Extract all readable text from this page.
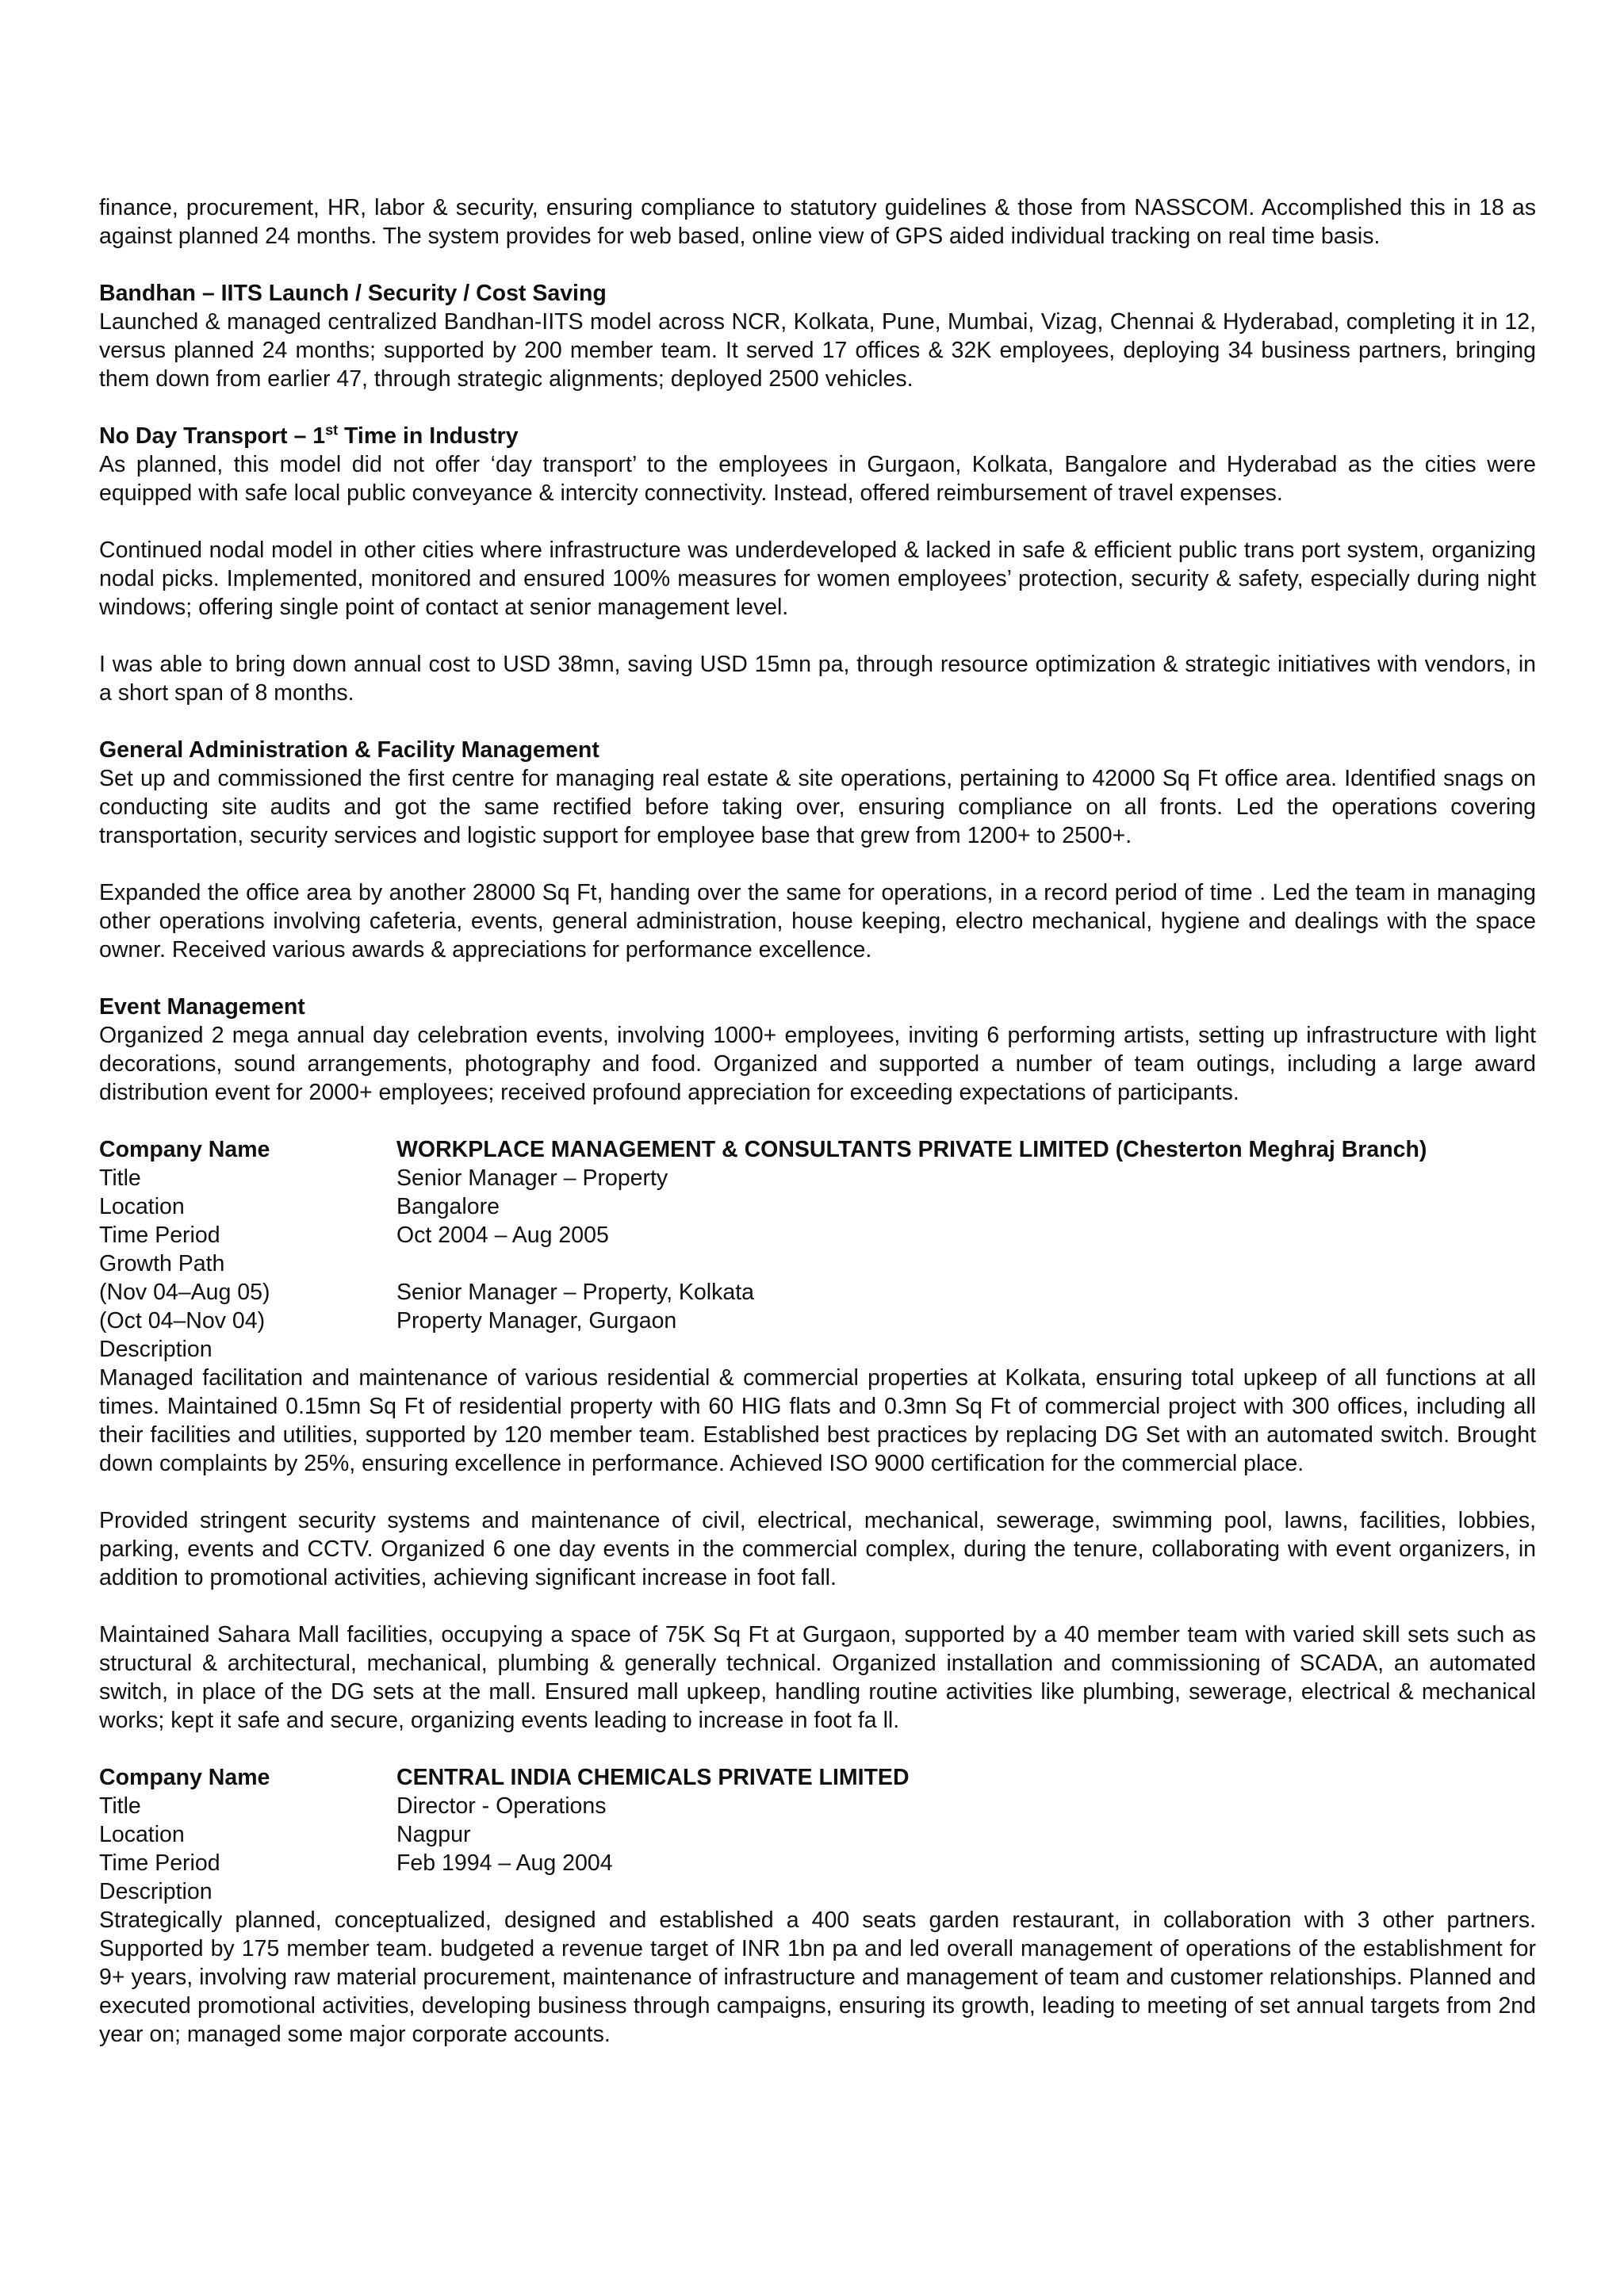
finance, procurement, HR, labor & security, ensuring compliance to statutory guidelines & those from NASSCOM. Accomplished this in 18 as against planned 24 months. The system provides for web based, online view of GPS aided individual tracking on real time basis.

Bandhan – IITS Launch / Security / Cost Saving
Launched & managed centralized Bandhan-IITS model across NCR, Kolkata, Pune, Mumbai, Vizag, Chennai & Hyderabad, completing it in 12, versus planned 24 months; supported by 200 member team. It served 17 offices & 32K employees, deploying 34 business partners, bringing them down from earlier 47, through strategic alignments; deployed 2500 vehicles.
No Day Transport – 1st Time in Industry
As planned, this model did not offer ‘day transport’ to the employees in Gurgaon, Kolkata, Bangalore and Hyderabad as the cities were equipped with safe local public conveyance & intercity connectivity. Instead, offered reimbursement of travel expenses.

Continued nodal model in other cities where infrastructure was underdeveloped & lacked in safe & efficient public trans port system, organizing nodal picks. Implemented, monitored and ensured 100% measures for women employees’ protection, security & safety, especially during night windows; offering single point of contact at senior management level.

I was able to bring down annual cost to USD 38mn, saving USD 15mn pa, through resource optimization & strategic initiatives with vendors, in a short span of 8 months.

General Administration & Facility Management
Set up and commissioned the first centre for managing real estate & site operations, pertaining to 42000 Sq Ft office area. Identified snags on conducting site audits and got the same rectified before taking over, ensuring compliance on all fronts. Led the operations covering transportation, security services and logistic support for employee base that grew from 1200+ to 2500+.

Expanded the office area by another 28000 Sq Ft, handing over the same for operations, in a record period of time . Led the team in managing other operations involving cafeteria, events, general administration, house keeping, electro mechanical, hygiene and dealings with the space owner. Received various awards & appreciations for performance excellence.

Event Management
Organized 2 mega annual day celebration events, involving 1000+ employees, inviting 6 performing artists, setting up infrastructure with light decorations, sound arrangements, photography and food. Organized and supported a number of team outings, including a large award distribution event for 2000+ employees; received profound appreciation for exceeding expectations of participants.
Company Name	WORKPLACE MANAGEMENT & CONSULTANTS PRIVATE LIMITED (Chesterton Meghraj Branch)
Title	Senior Manager – Property
Location	Bangalore
Time Period	Oct 2004 – Aug 2005
Growth Path
(Nov 04–Aug 05)	Senior Manager – Property, Kolkata
(Oct 04–Nov 04)	Property Manager, Gurgaon
Description

Managed facilitation and maintenance of various residential & commercial properties at Kolkata, ensuring total upkeep of all functions at all times. Maintained 0.15mn Sq Ft of residential property with 60 HIG flats and 0.3mn Sq Ft of commercial project with 300 offices, including all their facilities and utilities, supported by 120 member team. Established best practices by replacing DG Set with an automated switch. Brought down complaints by 25%, ensuring excellence in performance. Achieved ISO 9000 certification for the commercial place.

Provided stringent security systems and maintenance of civil, electrical, mechanical, sewerage, swimming pool, lawns, facilities, lobbies, parking, events and CCTV. Organized 6 one day events in the commercial complex, during the tenure, collaborating with event organizers, in addition to promotional activities, achieving significant increase in foot fall.

Maintained Sahara Mall facilities, occupying a space of 75K Sq Ft at Gurgaon, supported by a 40 member team with varied skill sets such as structural & architectural, mechanical, plumbing & generally technical. Organized installation and commissioning of SCADA, an automated switch, in place of the DG sets at the mall. Ensured mall upkeep, handling routine activities like plumbing, sewerage, electrical & mechanical works; kept it safe and secure, organizing events leading to increase in foot fa ll.

Company Name	CENTRAL INDIA CHEMICALS PRIVATE LIMITED
Title	Director - Operations
Location	Nagpur
Time Period	Feb 1994 – Aug 2004
Description

Strategically planned, conceptualized, designed and established a 400 seats garden restaurant, in collaboration with 3 other partners. Supported by 175 member team. budgeted a revenue target of INR 1bn pa and led overall management of operations of the establishment for 9+ years, involving raw material procurement, maintenance of infrastructure and management of team and customer relationships. Planned and executed promotional activities, developing business through campaigns, ensuring its growth, leading to meeting of set annual targets from 2nd year on; managed some major corporate accounts.
